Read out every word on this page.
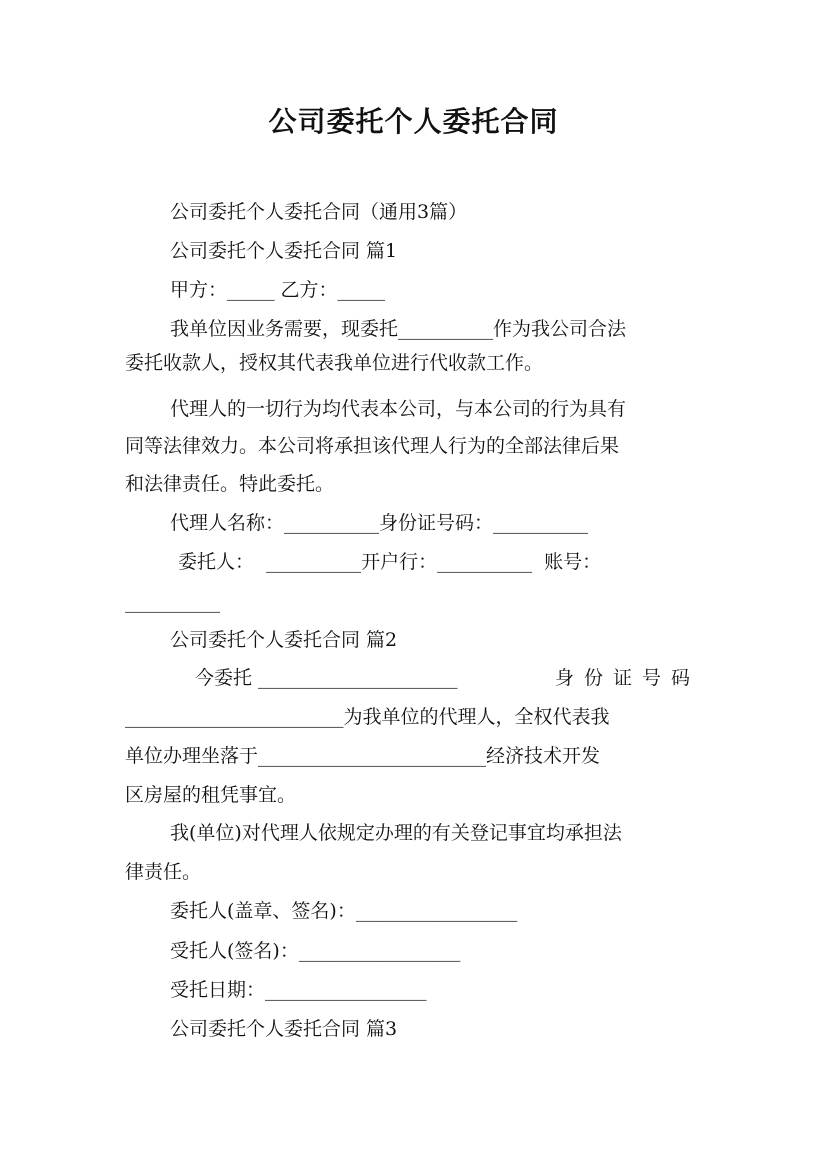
公司委托个人委托合同
公司委托个人委托合同（通用3篇）
公司委托个人委托合同 篇1
甲方：_____ 乙方：_____
我单位因业务需要，现委托__________作为我公司合法
委托收款人，授权其代表我单位进行代收款工作。
代理人的一切行为均代表本公司，与本公司的行为具有
同等法律效力。本公司将承担该代理人行为的全部法律后果
和法律责任。特此委托。
代理人名称：__________身份证号码：__________
委托人：  __________开户行：__________  账号：
__________
公司委托个人委托合同 篇2
今委托 _____________________	身份证号码
_______________________为我单位的代理人，全权代表我
单位办理坐落于________________________经济技术开发
区房屋的租凭事宜。
我(单位)对代理人依规定办理的有关登记事宜均承担法
律责任。
委托人(盖章、签名)：_________________
受托人(签名)：_________________
受托日期：_________________
公司委托个人委托合同 篇3
